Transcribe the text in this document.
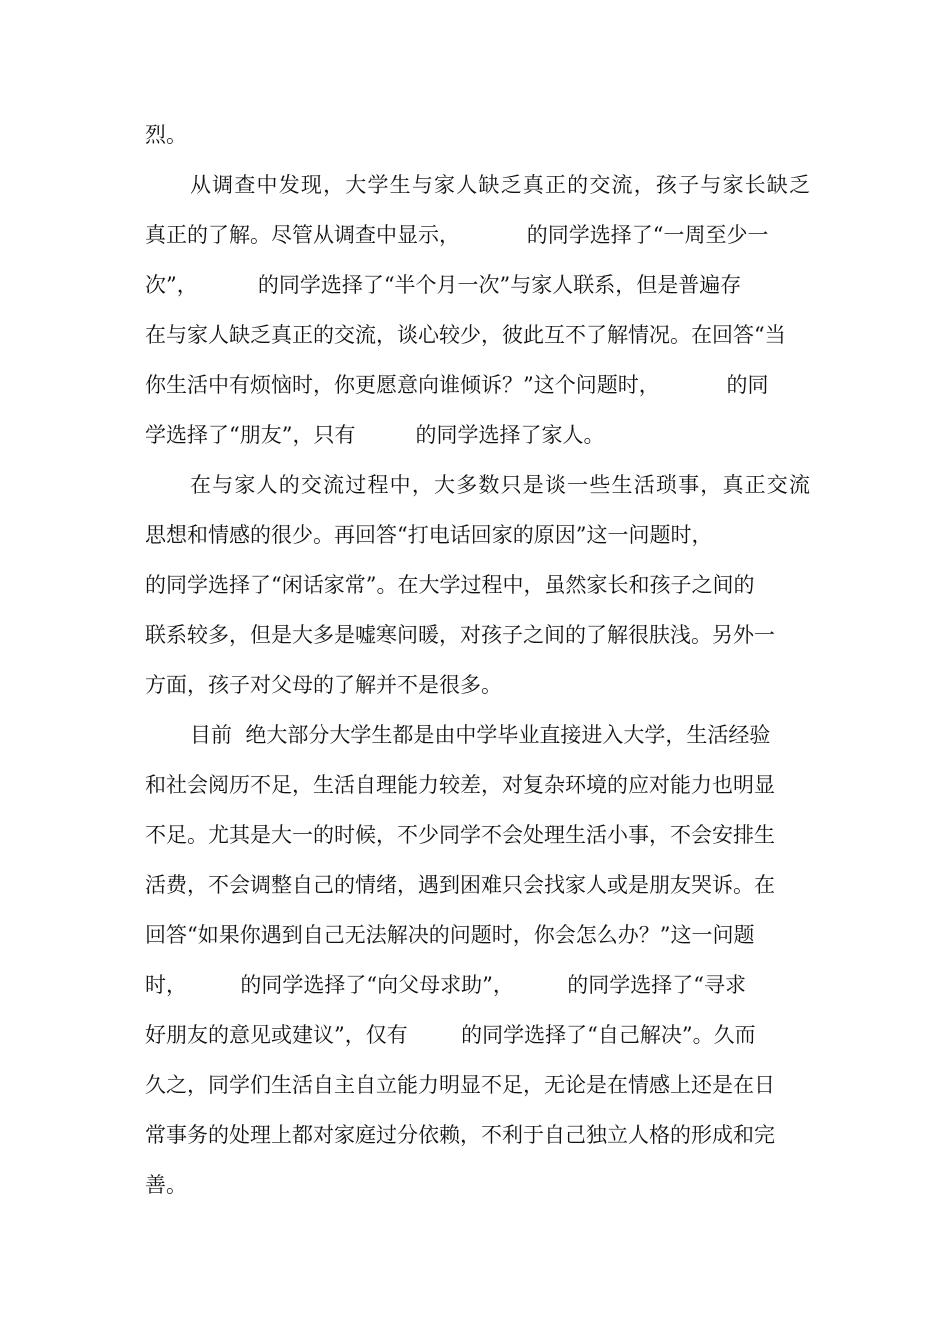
烈。
从调查中发现，大学生与家人缺乏真正的交流，孩子与家长缺乏
真正的了解。尽管从调查中显示，          的同学选择了“一周至少一
次”，         的同学选择了“半个月一次”与家人联系，但是普遍存
在与家人缺乏真正的交流，谈心较少，彼此互不了解情况。在回答“当
你生活中有烦恼时，你更愿意向谁倾诉？”这个问题时，          的同
学选择了“朋友”，只有         的同学选择了家人。
在与家人的交流过程中，大多数只是谈一些生活琐事，真正交流
思想和情感的很少。再回答“打电话回家的原因”这一问题时，
的同学选择了“闲话家常”。在大学过程中，虽然家长和孩子之间的
联系较多，但是大多是嘘寒问暖，对孩子之间的了解很肤浅。另外一
方面，孩子对父母的了解并不是很多。
目前  绝大部分大学生都是由中学毕业直接进入大学，生活经验
和社会阅历不足，生活自理能力较差，对复杂环境的应对能力也明显
不足。尤其是大一的时候，不少同学不会处理生活小事，不会安排生
活费，不会调整自己的情绪，遇到困难只会找家人或是朋友哭诉。在
回答“如果你遇到自己无法解决的问题时，你会怎么办？”这一问题
时，        的同学选择了“向父母求助”，        的同学选择了“寻求
好朋友的意见或建议”，仅有        的同学选择了“自己解决”。久而
久之，同学们生活自主自立能力明显不足，无论是在情感上还是在日
常事务的处理上都对家庭过分依赖，不利于自己独立人格的形成和完
善。
